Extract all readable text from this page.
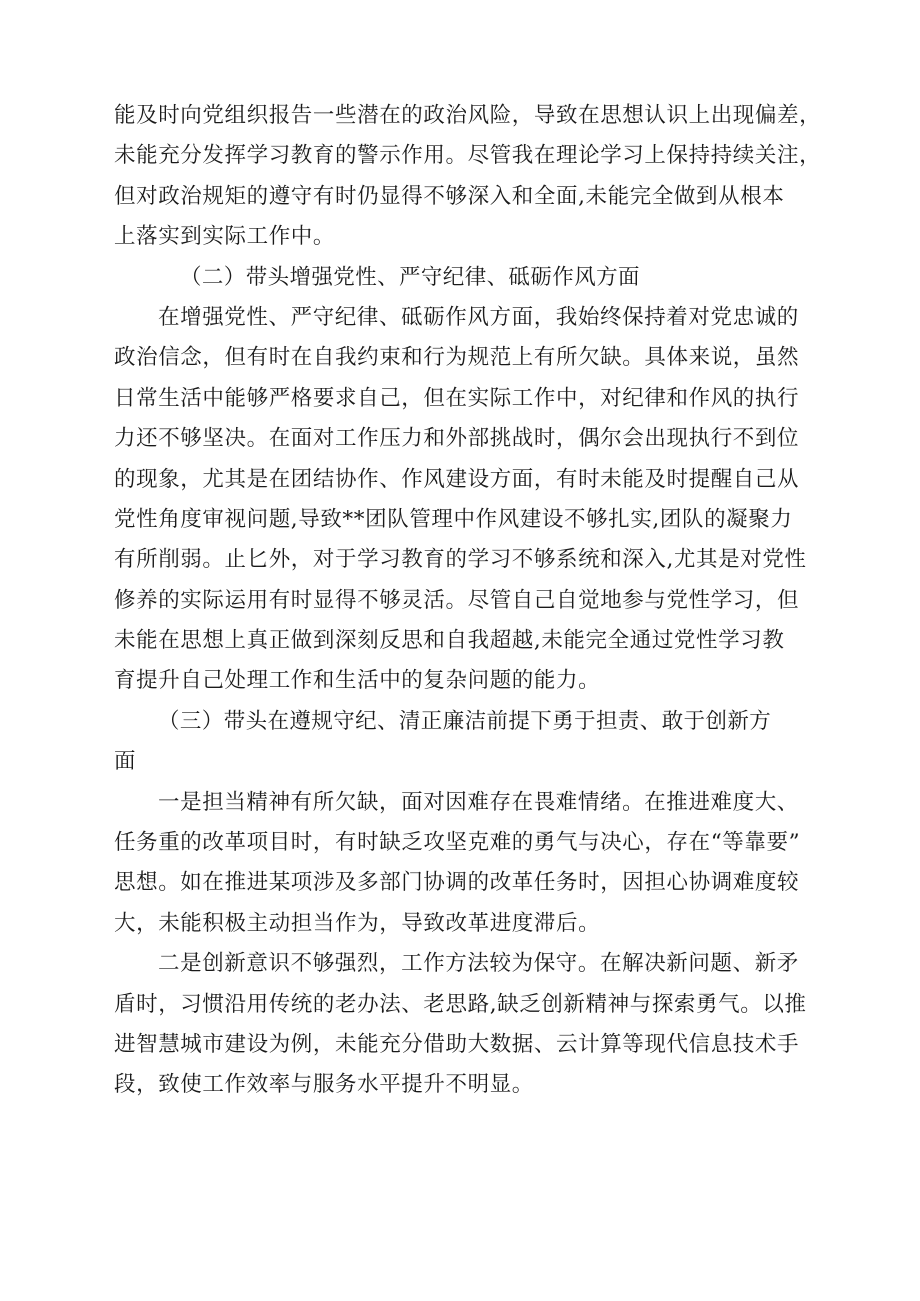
能及时向党组织报告一些潜在的政治风险，导致在思想认识上出现偏差，
未能充分发挥学习教育的警示作用。尽管我在理论学习上保持持续关注，
但对政治规矩的遵守有时仍显得不够深入和全面,未能完全做到从根本
上落实到实际工作中。
（二）带头增强党性、严守纪律、砥砺作风方面
在增强党性、严守纪律、砥砺作风方面，我始终保持着对党忠诚的
政治信念，但有时在自我约束和行为规范上有所欠缺。具体来说，虽然
日常生活中能够严格要求自己，但在实际工作中，对纪律和作风的执行
力还不够坚决。在面对工作压力和外部挑战时，偶尔会出现执行不到位
的现象，尤其是在团结协作、作风建设方面，有时未能及时提醒自己从
党性角度审视问题,导致**团队管理中作风建设不够扎实,团队的凝聚力
有所削弱。止匕外，对于学习教育的学习不够系统和深入,尤其是对党性
修养的实际运用有时显得不够灵活。尽管自己自觉地参与党性学习，但
未能在思想上真正做到深刻反思和自我超越,未能完全通过党性学习教
育提升自己处理工作和生活中的复杂问题的能力。
（三）带头在遵规守纪、清正廉洁前提下勇于担责、敢于创新方
面
一是担当精神有所欠缺，面对因难存在畏难情绪。在推进难度大、
任务重的改革项目时，有时缺乏攻坚克难的勇气与决心，存在“等靠要”
思想。如在推进某项涉及多部门协调的改革任务时，因担心协调难度较
大，未能积极主动担当作为，导致改革进度滞后。
二是创新意识不够强烈，工作方法较为保守。在解决新问题、新矛
盾时，习惯沿用传统的老办法、老思路,缺乏创新精神与探索勇气。以推
进智慧城市建设为例，未能充分借助大数据、云计算等现代信息技术手
段，致使工作效率与服务水平提升不明显。
